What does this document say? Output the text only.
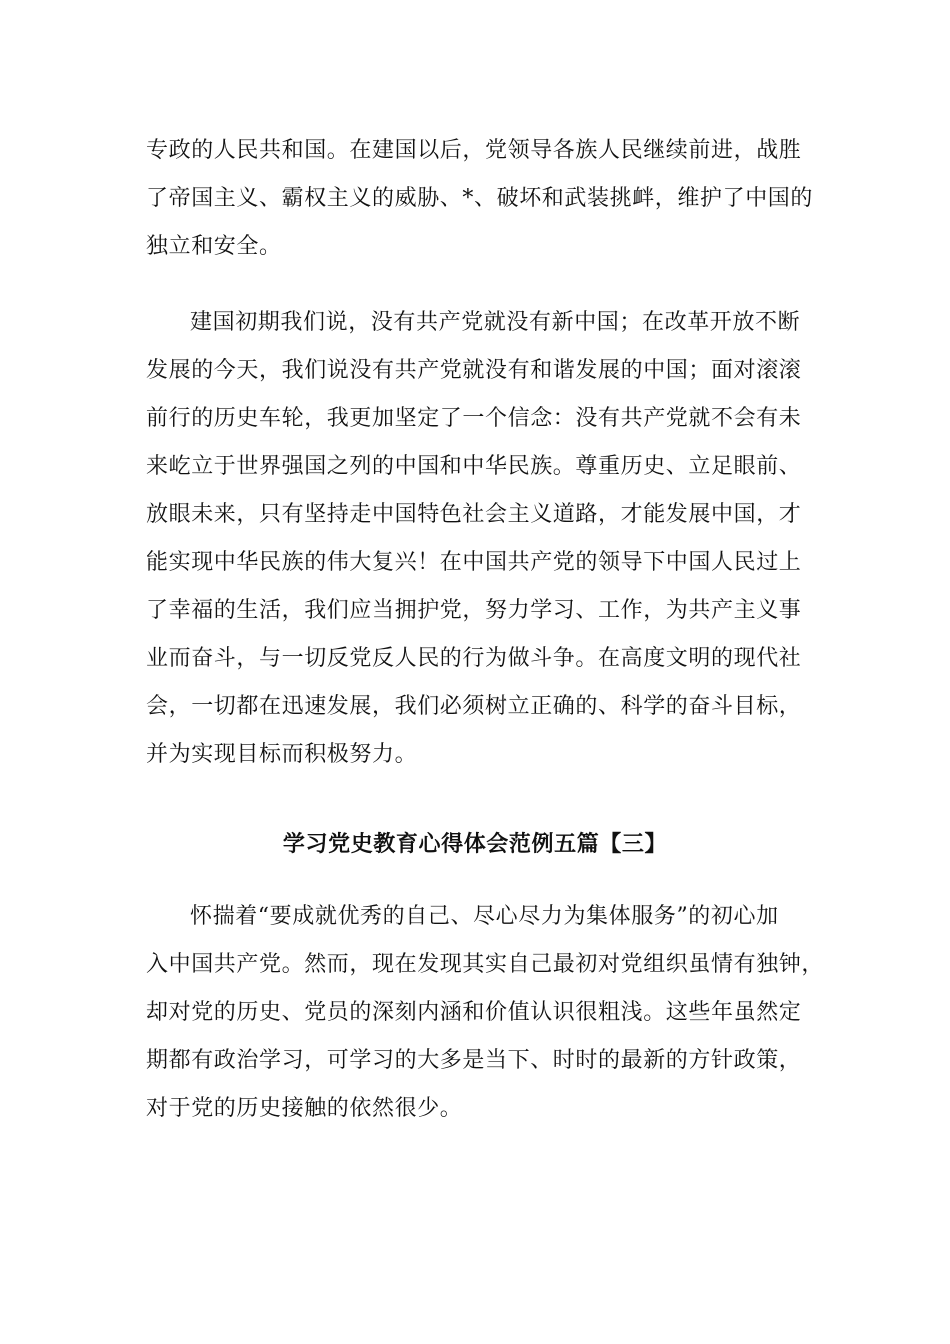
专政的人民共和国。在建国以后，党领导各族人民继续前进，战胜
了帝国主义、霸权主义的威胁、*、破坏和武装挑衅，维护了中国的
独立和安全。
建国初期我们说，没有共产党就没有新中国；在改革开放不断
发展的今天，我们说没有共产党就没有和谐发展的中国；面对滚滚
前行的历史车轮，我更加坚定了一个信念：没有共产党就不会有未
来屹立于世界强国之列的中国和中华民族。尊重历史、立足眼前、
放眼未来，只有坚持走中国特色社会主义道路，才能发展中国，才
能实现中华民族的伟大复兴！在中国共产党的领导下中国人民过上
了幸福的生活，我们应当拥护党，努力学习、工作，为共产主义事
业而奋斗，与一切反党反人民的行为做斗争。在高度文明的现代社
会，一切都在迅速发展，我们必须树立正确的、科学的奋斗目标，
并为实现目标而积极努力。
学习党史教育心得体会范例五篇【三】
怀揣着“要成就优秀的自己、尽心尽力为集体服务”的初心加
入中国共产党。然而，现在发现其实自己最初对党组织虽情有独钟，
却对党的历史、党员的深刻内涵和价值认识很粗浅。这些年虽然定
期都有政治学习，可学习的大多是当下、时时的最新的方针政策，
对于党的历史接触的依然很少。
